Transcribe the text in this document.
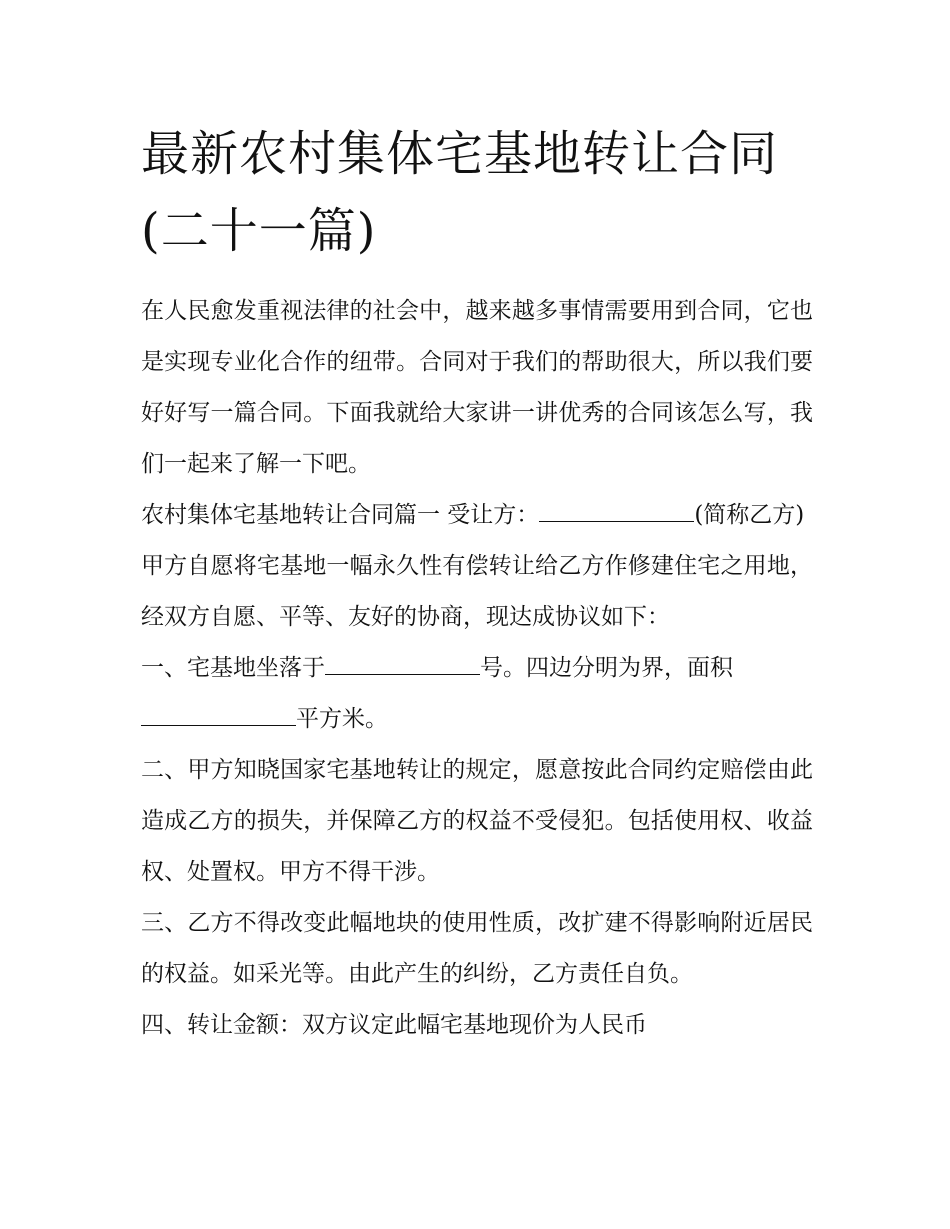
最新农村集体宅基地转让合同
(二十一篇)

在人民愈发重视法律的社会中，越来越多事情需要用到合同，它也是实现专业化合作的纽带。合同对于我们的帮助很大，所以我们要好好写一篇合同。下面我就给大家讲一讲优秀的合同该怎么写，我们一起来了解一下吧。

农村集体宅基地转让合同篇一 受让方：	(简称乙方)

甲方自愿将宅基地一幅永久性有偿转让给乙方作修建住宅之用地，经双方自愿、平等、友好的协商，现达成协议如下：

一、宅基地坐落于	号。四边分明为界，面积
平方米。

二、甲方知晓国家宅基地转让的规定，愿意按此合同约定赔偿由此造成乙方的损失，并保障乙方的权益不受侵犯。包括使用权、收益权、处置权。甲方不得干涉。

三、乙方不得改变此幅地块的使用性质，改扩建不得影响附近居民的权益。如采光等。由此产生的纠纷，乙方责任自负。

四、转让金额：双方议定此幅宅基地现价为人民币
